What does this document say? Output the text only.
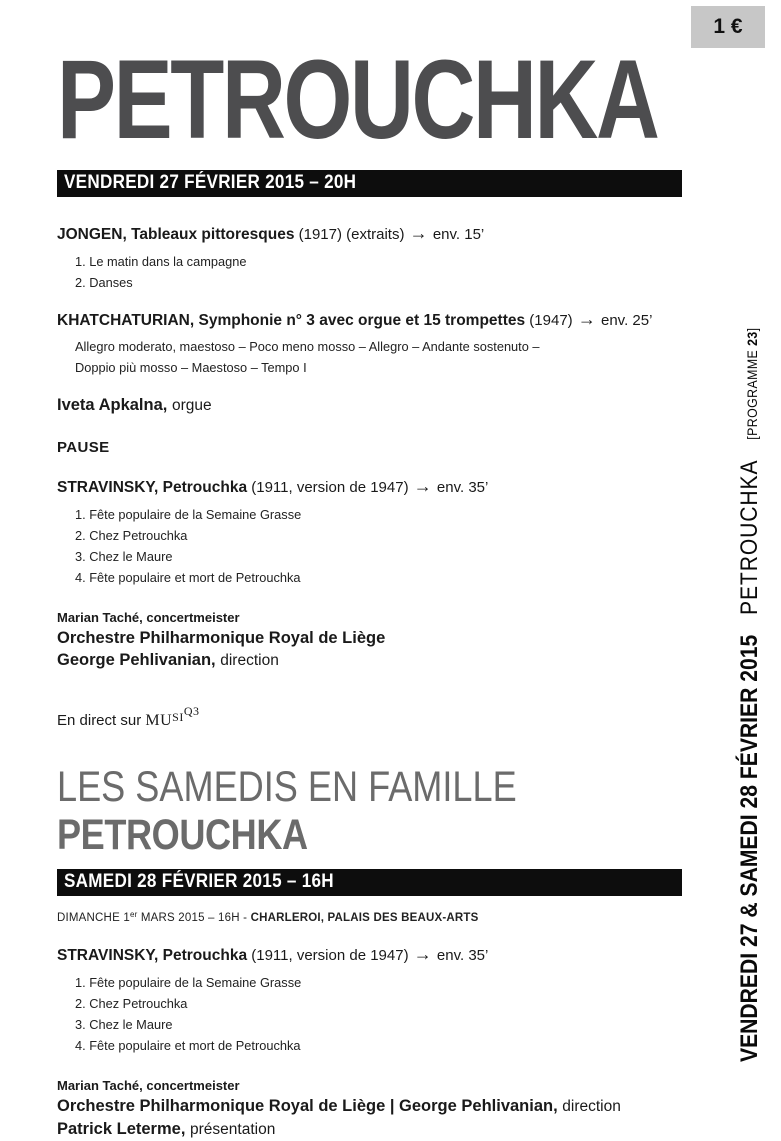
1 €
PETROUCHKA
VENDREDI 27 FÉVRIER 2015 – 20H

JONGEN, Tableaux pittoresques (1917) (extraits) → env. 15’

1. Le matin dans la campagne
2. Danses

KHATCHATURIAN, Symphonie n° 3 avec orgue et 15 trompettes (1947) → env. 25’

Allegro moderato, maestoso – Poco meno mosso – Allegro – Andante sostenuto –
Doppio più mosso – Maestoso – Tempo I
Iveta Apkalna, orgue
PAUSE

STRAVINSKY, Petrouchka (1911, version de 1947) → env. 35’

1. Fête populaire de la Semaine Grasse
2. Chez Petrouchka
3. Chez le Maure
4. Fête populaire et mort de Petrouchka
Marian Taché, concertmeister
Orchestre Philharmonique Royal de Liège
George Pehlivanian, direction
En direct sur $MU^{SIQ3}$
LES SAMEDIS EN FAMILLE
PETROUCHKA
SAMEDI 28 FÉVRIER 2015 – 16H
DIMANCHE 1er MARS 2015 – 16H - CHARLEROI, PALAIS DES BEAUX-ARTS

STRAVINSKY, Petrouchka (1911, version de 1947) → env. 35’

1. Fête populaire de la Semaine Grasse
2. Chez Petrouchka
3. Chez le Maure
4. Fête populaire et mort de Petrouchka
Marian Taché, concertmeister
Orchestre Philharmonique Royal de Liège | George Pehlivanian, direction
Patrick Leterme, présentation
VENDREDI 27 & SAMEDI 28 FÉVRIER 2015 PETROUCHKA [PROGRAMME 23]
